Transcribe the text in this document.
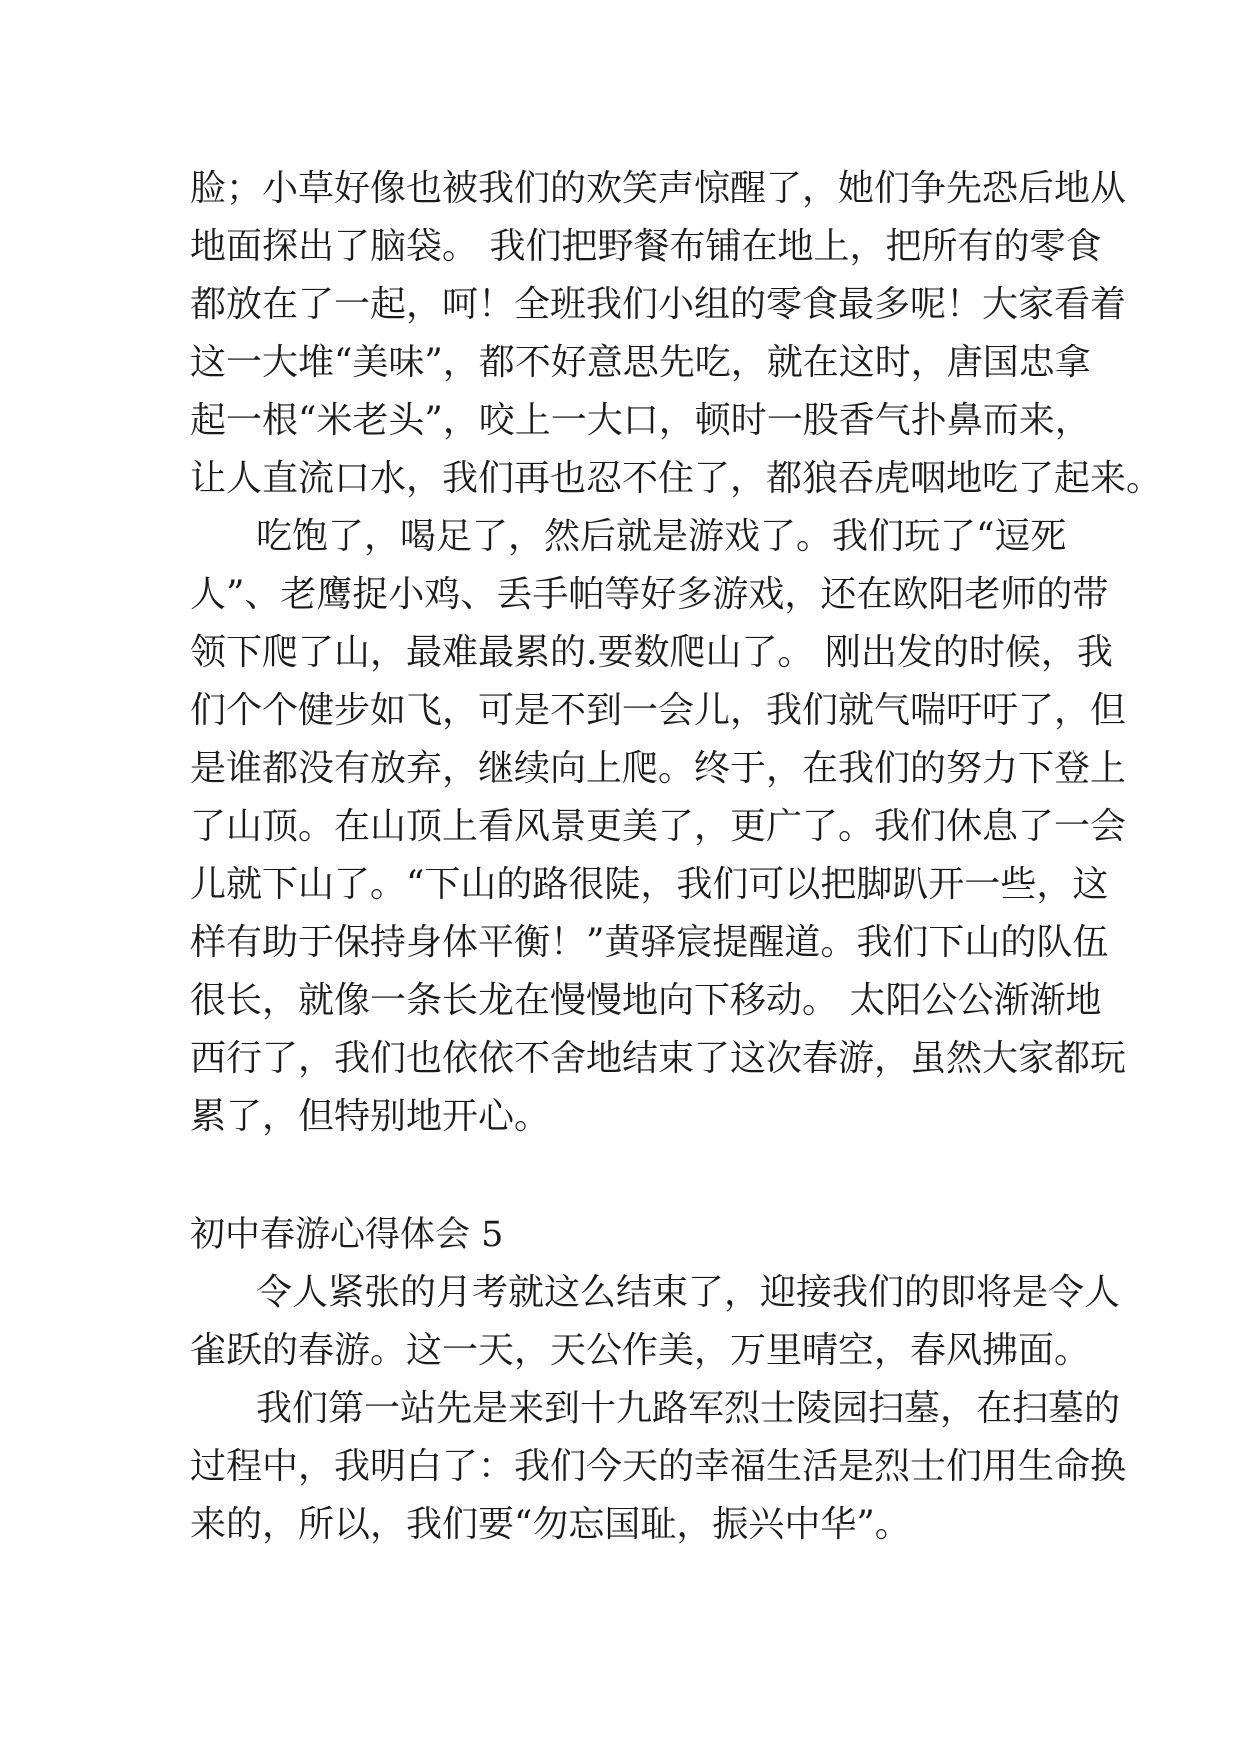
脸；小草好像也被我们的欢笑声惊醒了，她们争先恐后地从
地面探出了脑袋。 我们把野餐布铺在地上，把所有的零食
都放在了一起，呵！全班我们小组的零食最多呢！大家看着
这一大堆“美味”，都不好意思先吃，就在这时，唐国忠拿
起一根“米老头”，咬上一大口，顿时一股香气扑鼻而来，
让人直流口水，我们再也忍不住了，都狼吞虎咽地吃了起来。
吃饱了，喝足了，然后就是游戏了。我们玩了“逗死
人”、老鹰捉小鸡、丢手帕等好多游戏，还在欧阳老师的带
领下爬了山，最难最累的.要数爬山了。 刚出发的时候，我
们个个健步如飞，可是不到一会儿，我们就气喘吁吁了，但
是谁都没有放弃，继续向上爬。终于，在我们的努力下登上
了山顶。在山顶上看风景更美了，更广了。我们休息了一会
儿就下山了。“下山的路很陡，我们可以把脚趴开一些，这
样有助于保持身体平衡！”黄驿宸提醒道。我们下山的队伍
很长，就像一条长龙在慢慢地向下移动。 太阳公公渐渐地
西行了，我们也依依不舍地结束了这次春游，虽然大家都玩
累了，但特别地开心。
初中春游心得体会 5
令人紧张的月考就这么结束了，迎接我们的即将是令人
雀跃的春游。这一天，天公作美，万里晴空，春风拂面。
我们第一站先是来到十九路军烈士陵园扫墓，在扫墓的
过程中，我明白了：我们今天的幸福生活是烈士们用生命换
来的，所以，我们要“勿忘国耻，振兴中华”。
